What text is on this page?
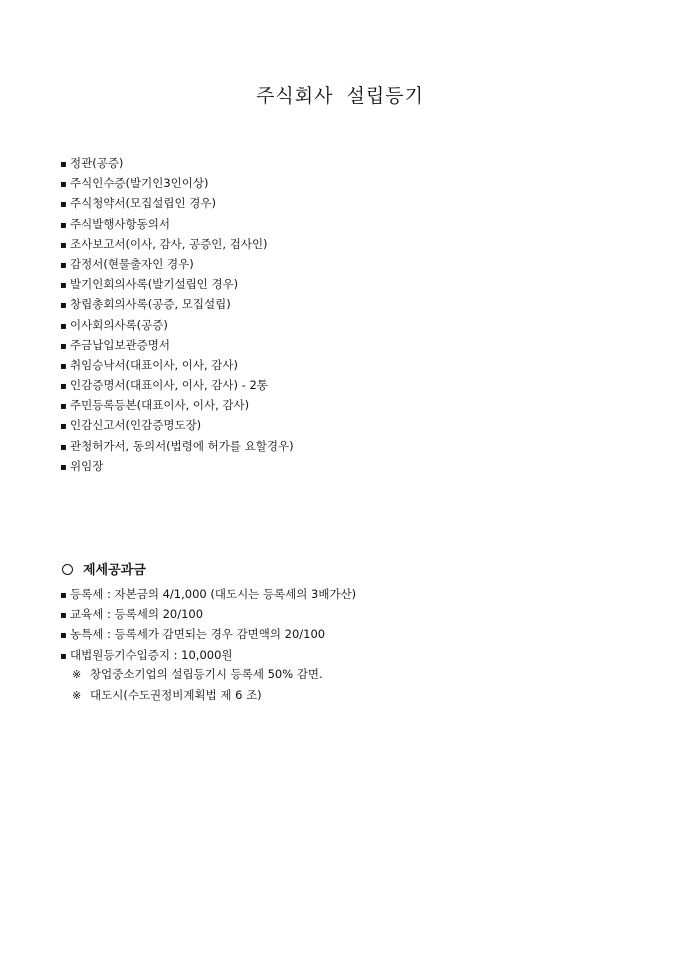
주식회사 설립등기
▪ 정관(공증)
▪ 주식인수증(발기인3인이상)
▪ 주식청약서(모집설립인 경우)
▪ 주식발행사항동의서
▪ 조사보고서(이사, 감사, 공증인, 검사인)
▪ 감정서(현물출자인 경우)
▪ 발기인회의사록(발기설립인 경우)
▪ 창립총회의사록(공증, 모집설립)
▪ 이사회의사록(공증)
▪ 주금납입보관증명서
▪ 취임승낙서(대표이사, 이사, 감사)
▪ 인감증명서(대표이사, 이사, 감사) - 2통
▪ 주민등록등본(대표이사, 이사, 감사)
▪ 인감신고서(인감증명도장)
▪ 관청허가서, 동의서(법령에 허가를 요할경우)
▪ 위임장
제세공과금
▪ 등록세 : 자본금의 4/1,000 (대도시는 등록세의 3배가산)
▪ 교육세 : 등록세의 20/100
▪ 농특세 : 등록세가 감면되는 경우 감면액의 20/100
▪ 대법원등기수입증지 : 10,000원
※ 창업중소기업의 설립등기시 등록세 50% 감면.
※ 대도시(수도권정비계획법 제 6 조)
